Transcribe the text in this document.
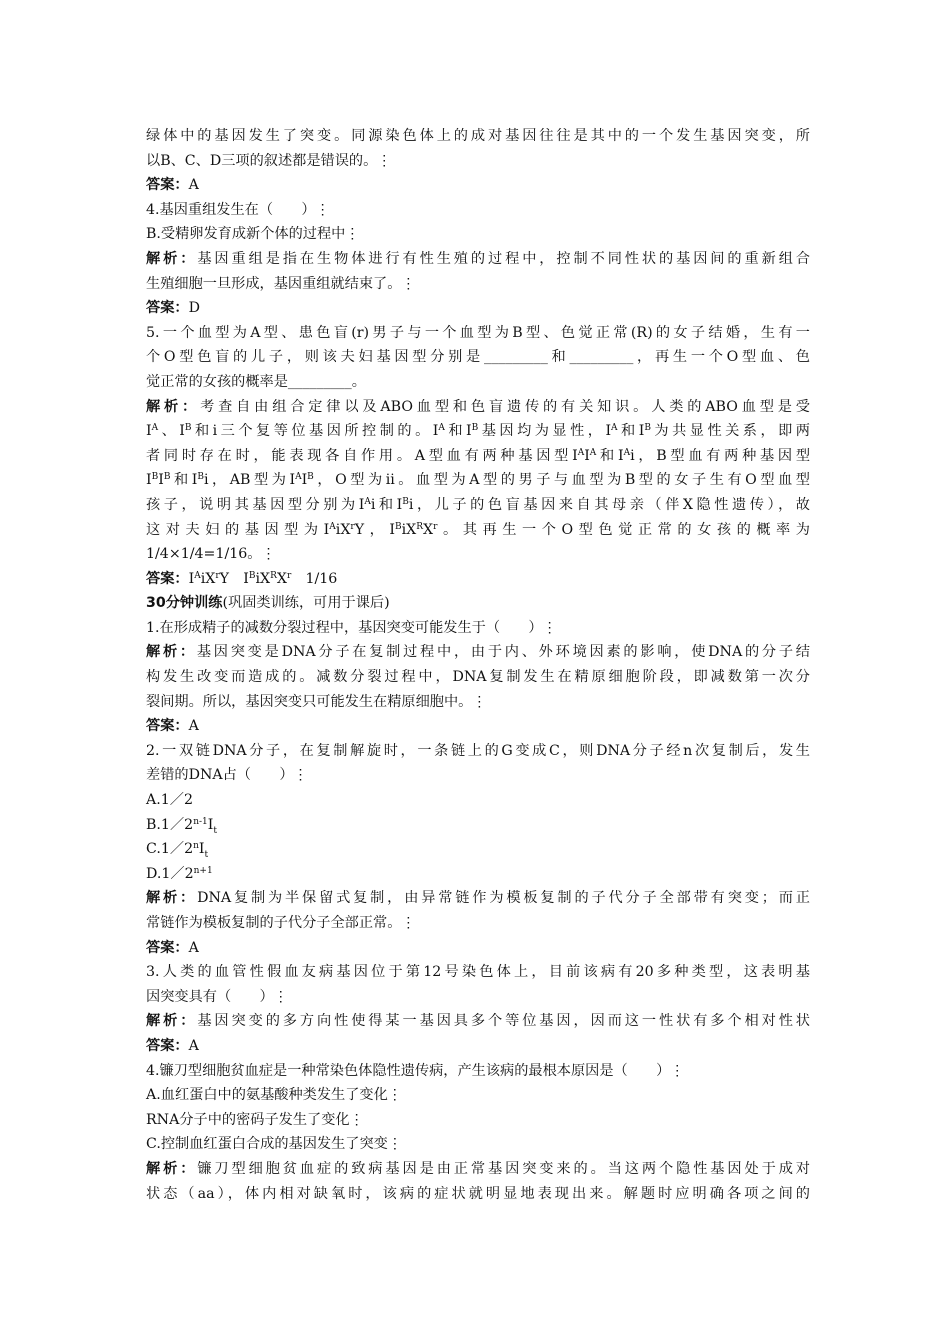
绿体中的基因发生了突变。同源染色体上的成对基因往往是其中的一个发生基因突变，所
以B、C、D三项的叙述都是错误的。⋮
答案：A
4.基因重组发生在（　　）⋮
B.受精卵发育成新个体的过程中⋮
解析：基因重组是指在生物体进行有性生殖的过程中，控制不同性状的基因间的重新组合
生殖细胞一旦形成，基因重组就结束了。⋮
答案：D
5.一个血型为A型、患色盲(r)男子与一个血型为B型、色觉正常(R)的女子结婚，生有一
个O型色盲的儿子，则该夫妇基因型分别是_________和_________，再生一个O型血、色
觉正常的女孩的概率是_________。
解析：考查自由组合定律以及ABO血型和色盲遗传的有关知识。人类的ABO血型是受
$I^A$、$I^B$和i三个复等位基因所控制的。$I^A$和$I^B$基因均为显性，$I^A$和$I^B$为共显性关系，即两
者同时存在时，能表现各自作用。A型血有两种基因型$I^AI^A$和$I^Ai$，B型血有两种基因型
$I^BI^B$和$I^Bi$，AB型为$I^AI^B$，O型为ii。血型为A型的男子与血型为B型的女子生有O型血型
孩子，说明其基因型分别为$I^Ai$和$I^Bi$，儿子的色盲基因来自其母亲（伴X隐性遗传），故
这对夫妇的基因型为$I^AiX^rY$，$I^BiX^RX^r$。其再生一个O型色觉正常的女孩的概率为
1/4×1/4=1/16。⋮
答案：$I^AiX^rY$　$I^BiX^RX^r$　1/16
30分钟训练(巩固类训练，可用于课后)
1.在形成精子的减数分裂过程中，基因突变可能发生于（　　）⋮
解析：基因突变是DNA分子在复制过程中，由于内、外环境因素的影响，使DNA的分子结
构发生改变而造成的。减数分裂过程中，DNA复制发生在精原细胞阶段，即减数第一次分
裂间期。所以，基因突变只可能发生在精原细胞中。⋮
答案：A
2.一双链DNA分子，在复制解旋时，一条链上的G变成C，则DNA分子经n次复制后，发生
差错的DNA占（　　）⋮
A.1／2
$B.1/2^{n-1}I_t$
$C.1/2^nI_t$
$D.1/2^{n+1}$
解析：DNA复制为半保留式复制，由异常链作为模板复制的子代分子全部带有突变；而正
常链作为模板复制的子代分子全部正常。⋮
答案：A
3.人类的血管性假血友病基因位于第12号染色体上，目前该病有20多种类型，这表明基
因突变具有（　　）⋮
解析：基因突变的多方向性使得某一基因具多个等位基因，因而这一性状有多个相对性状
答案：A
4.镰刀型细胞贫血症是一种常染色体隐性遗传病，产生该病的最根本原因是（　　）⋮
A.血红蛋白中的氨基酸种类发生了变化⋮
RNA分子中的密码子发生了变化⋮
C.控制血红蛋白合成的基因发生了突变⋮
解析：镰刀型细胞贫血症的致病基因是由正常基因突变来的。当这两个隐性基因处于成对
状态（aa），体内相对缺氧时，该病的症状就明显地表现出来。解题时应明确各项之间的
